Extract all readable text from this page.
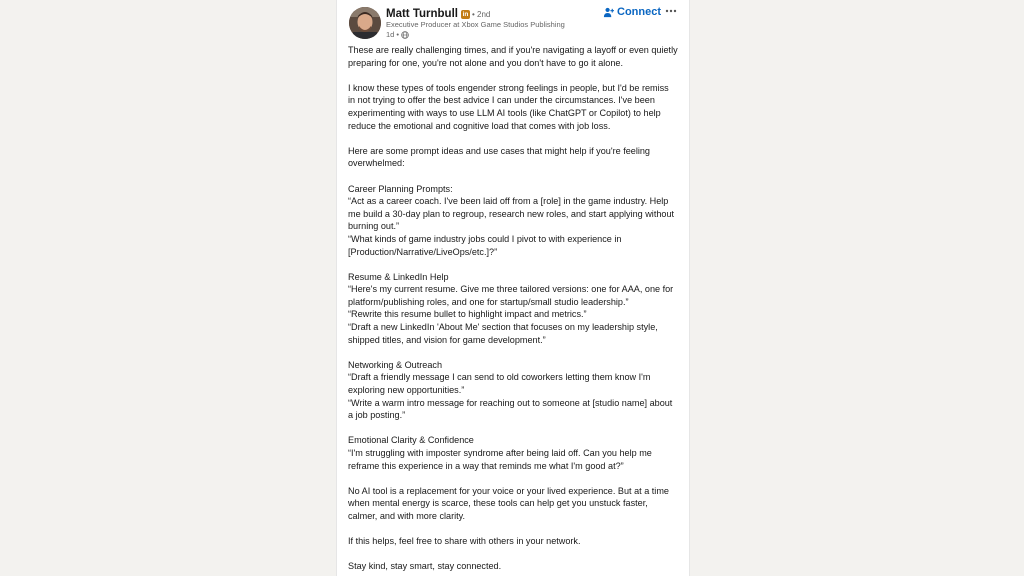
Matt Turnbull in • 2nd
Executive Producer at Xbox Game Studios Publishing
1d •
Connect

These are really challenging times, and if you're navigating a layoff or even quietly preparing for one, you're not alone and you don't have to go it alone.

I know these types of tools engender strong feelings in people, but I'd be remiss in not trying to offer the best advice I can under the circumstances. I've been experimenting with ways to use LLM AI tools (like ChatGPT or Copilot) to help reduce the emotional and cognitive load that comes with job loss.

Here are some prompt ideas and use cases that might help if you're feeling overwhelmed:

Career Planning Prompts:
“Act as a career coach. I've been laid off from a [role] in the game industry. Help me build a 30-day plan to regroup, research new roles, and start applying without burning out.”
“What kinds of game industry jobs could I pivot to with experience in [Production/Narrative/LiveOps/etc.]?”

Resume & LinkedIn Help
“Here's my current resume. Give me three tailored versions: one for AAA, one for platform/publishing roles, and one for startup/small studio leadership.”
“Rewrite this resume bullet to highlight impact and metrics.”
“Draft a new LinkedIn 'About Me' section that focuses on my leadership style, shipped titles, and vision for game development.”

Networking & Outreach
“Draft a friendly message I can send to old coworkers letting them know I'm exploring new opportunities.”
“Write a warm intro message for reaching out to someone at [studio name] about a job posting.”

Emotional Clarity & Confidence
“I'm struggling with imposter syndrome after being laid off. Can you help me reframe this experience in a way that reminds me what I'm good at?”

No AI tool is a replacement for your voice or your lived experience. But at a time when mental energy is scarce, these tools can help get you unstuck faster, calmer, and with more clarity.

If this helps, feel free to share with others in your network.

Stay kind, stay smart, stay connected.
